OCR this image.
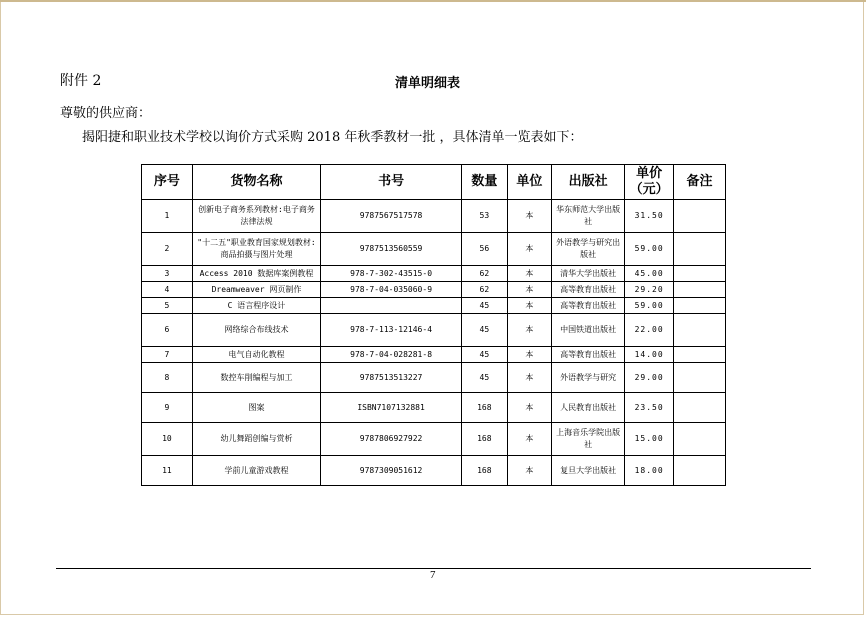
附件 2	清单明细表
尊敬的供应商：
揭阳捷和职业技术学校以询价方式采购 2018 年秋季教材一批 ，具体清单一览表如下：
序号	货物名称	书号	数量	单位	出版社	单价（元）	备注
1	创新电子商务系列教材:电子商务法律法规	9787567517578	53	本	华东师范大学出版社	31.50	
2	"十二五"职业教育国家规划教材:商品拍摄与图片处理	9787513560559	56	本	外语教学与研究出版社	59.00	
3	Access 2010 数据库案例教程	978-7-302-43515-0	62	本	清华大学出版社	45.00	
4	Dreamweaver 网页制作	978-7-04-035060-9	62	本	高等教育出版社	29.20	
5	C 语言程序设计		45	本	高等教育出版社	59.00	
6	网络综合布线技术	978-7-113-12146-4	45	本	中国铁道出版社	22.00	
7	电气自动化教程	978-7-04-028281-8	45	本	高等教育出版社	14.00	
8	数控车削编程与加工	9787513513227	45	本	外语教学与研究	29.00	
9	图案	ISBN7107132881	168	本	人民教育出版社	23.50	
10	幼儿舞蹈创编与赏析	9787806927922	168	本	上海音乐学院出版社	15.00	
11	学前儿童游戏教程	9787309051612	168	本	复旦大学出版社	18.00	
7
